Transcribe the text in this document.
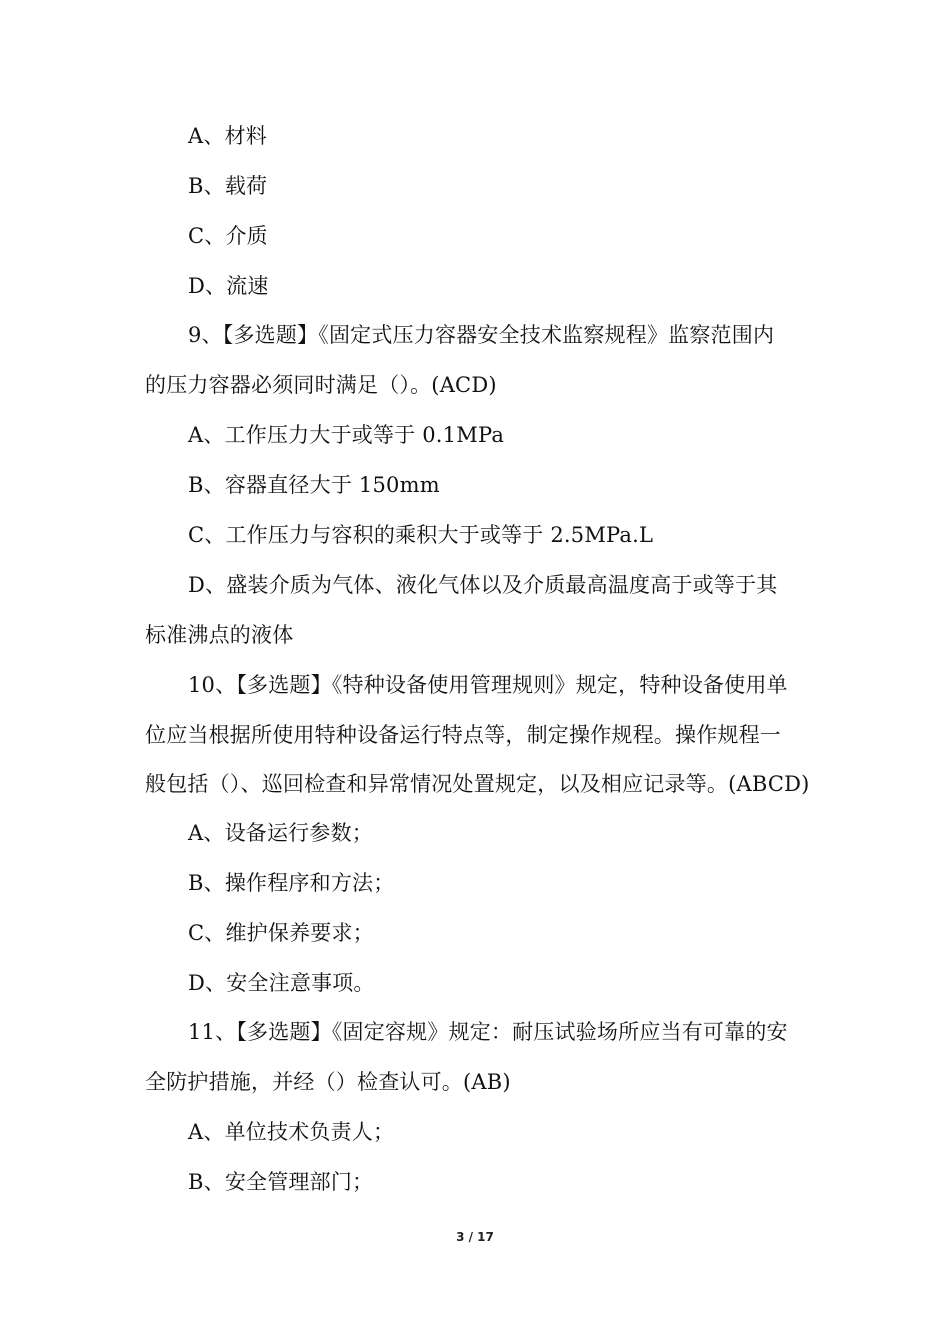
A、材料
B、载荷
C、介质
D、流速
9、【多选题】《固定式压力容器安全技术监察规程》监察范围内
的压力容器必须同时满足（）。(ACD)
A、工作压力大于或等于 0.1MPa
B、容器直径大于 150mm
C、工作压力与容积的乘积大于或等于 2.5MPa.L
D、盛装介质为气体、液化气体以及介质最高温度高于或等于其
标准沸点的液体
10、【多选题】《特种设备使用管理规则》规定，特种设备使用单
位应当根据所使用特种设备运行特点等，制定操作规程。操作规程一
般包括（）、巡回检查和异常情况处置规定，以及相应记录等。(ABCD)
A、设备运行参数；
B、操作程序和方法；
C、维护保养要求；
D、安全注意事项。
11、【多选题】《固定容规》规定：耐压试验场所应当有可靠的安
全防护措施，并经（）检查认可。(AB)
A、单位技术负责人；
B、安全管理部门；
3 / 17
